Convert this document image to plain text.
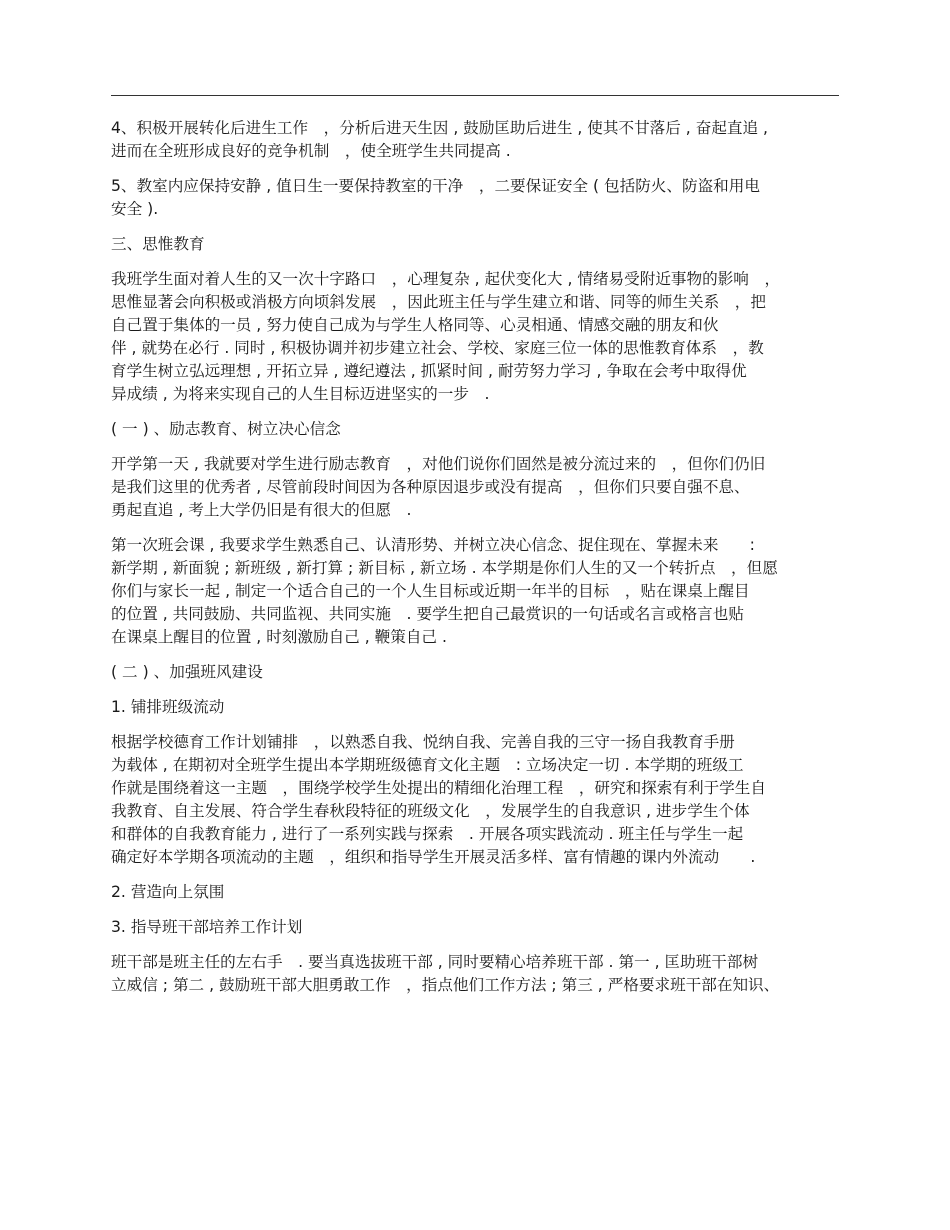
4、积极开展转化后进生工作　，分析后进天生因 , 鼓励匡助后进生 , 使其不甘落后 , 奋起直追 ,
进而在全班形成良好的竞争机制　，使全班学生共同提高 .

5、教室内应保持安静 , 值日生一要保持教室的干净　，二要保证安全 ( 包括防火、防盗和用电
安全 ).

三、思惟教育

我班学生面对着人生的又一次十字路口　，心理复杂 , 起伏变化大 , 情绪易受附近事物的影响　，
思惟显著会向积极或消极方向顷斜发展　，因此班主任与学生建立和谐、同等的师生关系　，把
自己置于集体的一员 , 努力使自己成为与学生人格同等、心灵相通、情感交融的朋友和伙
伴 , 就势在必行 . 同时 , 积极协调并初步建立社会、学校、家庭三位一体的思惟教育体系　，教
育学生树立弘远理想 , 开拓立异 , 遵纪遵法 , 抓紧时间 , 耐劳努力学习 , 争取在会考中取得优
异成绩 , 为将来实现自己的人生目标迈进坚实的一步　.

( 一 ) 、励志教育、树立决心信念

开学第一天 , 我就要对学生进行励志教育　，对他们说你们固然是被分流过来的　，但你们仍旧
是我们这里的优秀者 , 尽管前段时间因为各种原因退步或没有提高　，但你们只要自强不息、
勇起直追 , 考上大学仍旧是有很大的但愿　.

第一次班会课 , 我要求学生熟悉自己、认清形势、并树立决心信念、捉住现在、掌握未来　　:
新学期 , 新面貌 ; 新班级 , 新打算 ; 新目标 , 新立场 . 本学期是你们人生的又一个转折点　，但愿
你们与家长一起 , 制定一个适合自己的一个人生目标或近期一年半的目标　，贴在课桌上醒目
的位置 , 共同鼓励、共同监视、共同实施　. 要学生把自己最赏识的一句话或名言或格言也贴
在课桌上醒目的位置 , 时刻激励自己 , 鞭策自己 .

( 二 ) 、加强班风建设

1. 铺排班级流动

根据学校德育工作计划铺排　，以熟悉自我、悦纳自我、完善自我的三守一扬自我教育手册
为载体 , 在期初对全班学生提出本学期班级德育文化主题　: 立场决定一切 . 本学期的班级工
作就是围绕着这一主题　，围绕学校学生处提出的精细化治理工程　，研究和探索有利于学生自
我教育、自主发展、符合学生春秋段特征的班级文化　，发展学生的自我意识 , 进步学生个体
和群体的自我教育能力 , 进行了一系列实践与探索　. 开展各项实践流动 . 班主任与学生一起
确定好本学期各项流动的主题　，组织和指导学生开展灵活多样、富有情趣的课内外流动　　.

2. 营造向上氛围

3. 指导班干部培养工作计划

班干部是班主任的左右手　. 要当真选拔班干部 , 同时要精心培养班干部 . 第一 , 匡助班干部树
立威信 ; 第二 , 鼓励班干部大胆勇敢工作　，指点他们工作方法 ; 第三 , 严格要求班干部在知识、
